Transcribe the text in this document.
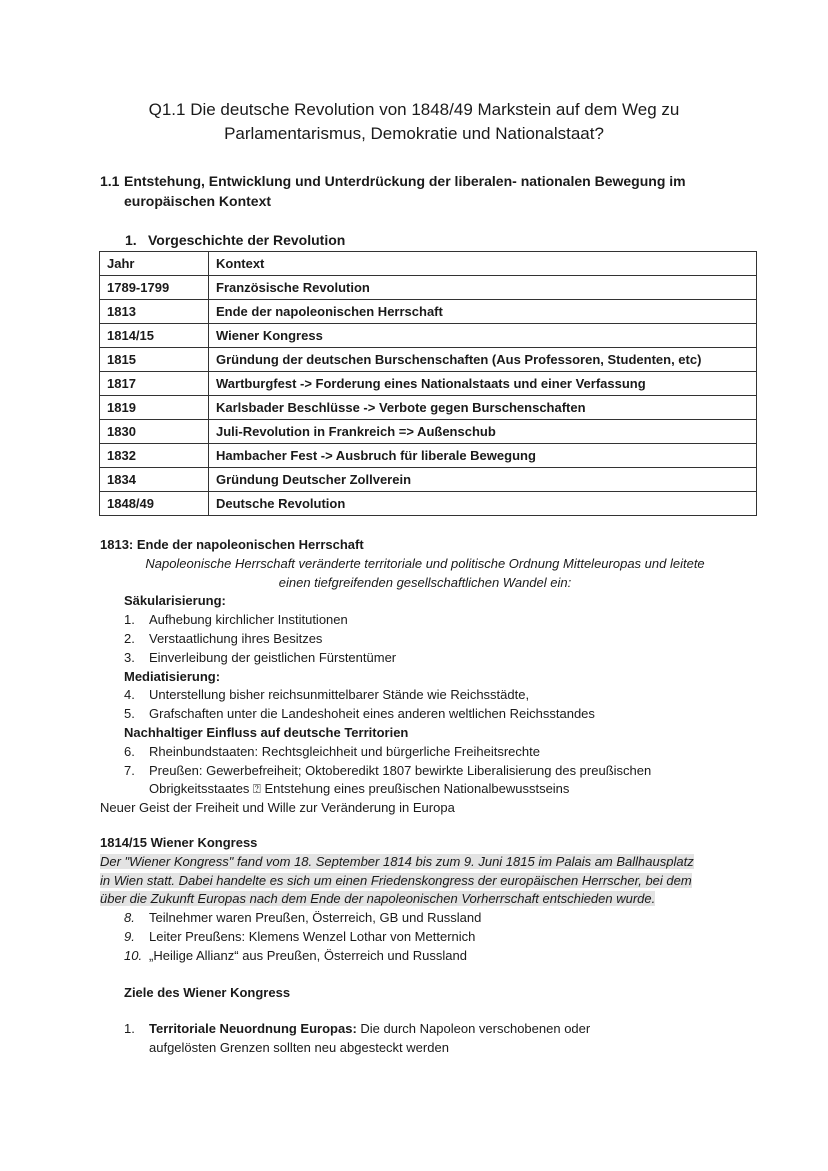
Q1.1 Die deutsche Revolution von 1848/49 Markstein auf dem Weg zu
Parlamentarismus, Demokratie und Nationalstaat?
1.1 Entstehung, Entwicklung und Unterdrückung der liberalen- nationalen Bewegung im
europäischen Kontext
1. Vorgeschichte der Revolution
Jahr	Kontext
1789-1799	Französische Revolution
1813	Ende der napoleonischen Herrschaft
1814/15	Wiener Kongress
1815	Gründung der deutschen Burschenschaften (Aus Professoren, Studenten, etc)
1817	Wartburgfest -> Forderung eines Nationalstaats und einer Verfassung
1819	Karlsbader Beschlüsse -> Verbote gegen Burschenschaften
1830	Juli-Revolution in Frankreich => Außenschub
1832	Hambacher Fest -> Ausbruch für liberale Bewegung
1834	Gründung Deutscher Zollverein
1848/49	Deutsche Revolution
1813: Ende der napoleonischen Herrschaft
Napoleonische Herrschaft veränderte territoriale und politische Ordnung Mitteleuropas und leitete
einen tiefgreifenden gesellschaftlichen Wandel ein:
Säkularisierung:
1. Aufhebung kirchlicher Institutionen
2. Verstaatlichung ihres Besitzes
3. Einverleibung der geistlichen Fürstentümer
Mediatisierung:
4. Unterstellung bisher reichsunmittelbarer Stände wie Reichsstädte,
5. Grafschaften unter die Landeshoheit eines anderen weltlichen Reichsstandes
Nachhaltiger Einfluss auf deutsche Territorien
6. Rheinbundstaaten: Rechtsgleichheit und bürgerliche Freiheitsrechte
7. Preußen: Gewerbefreiheit; Oktoberedikt 1807 bewirkte Liberalisierung des preußischen
Obrigkeitsstaates ⍰ Entstehung eines preußischen Nationalbewusstseins
Neuer Geist der Freiheit und Wille zur Veränderung in Europa
1814/15 Wiener Kongress
Der "Wiener Kongress" fand vom 18. September 1814 bis zum 9. Juni 1815 im Palais am Ballhausplatz
in Wien statt. Dabei handelte es sich um einen Friedenskongress der europäischen Herrscher, bei dem
über die Zukunft Europas nach dem Ende der napoleonischen Vorherrschaft entschieden wurde.
8. Teilnehmer waren Preußen, Österreich, GB und Russland
9. Leiter Preußens: Klemens Wenzel Lothar von Metternich
10. „Heilige Allianz“ aus Preußen, Österreich und Russland
Ziele des Wiener Kongress
1. Territoriale Neuordnung Europas: Die durch Napoleon verschobenen oder
aufgelösten Grenzen sollten neu abgesteckt werden
